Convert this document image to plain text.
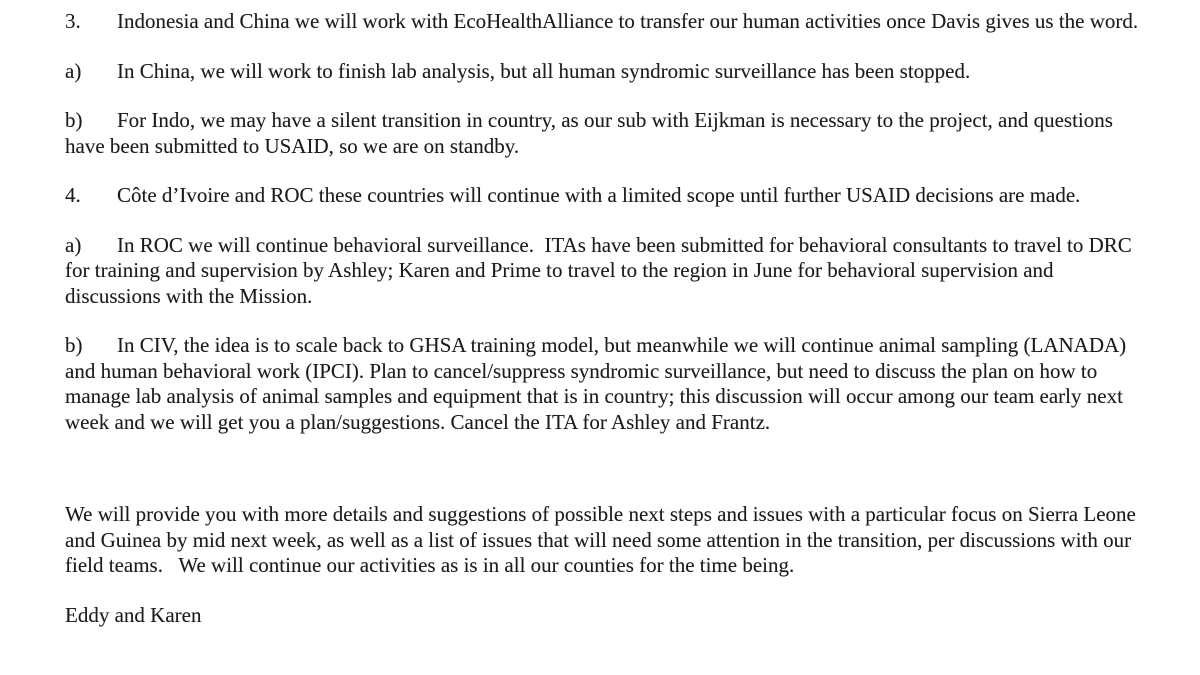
3. Indonesia and China we will work with EcoHealthAlliance to transfer our human activities once Davis gives us the word.

a) In China, we will work to finish lab analysis, but all human syndromic surveillance has been stopped.

b) For Indo, we may have a silent transition in country, as our sub with Eijkman is necessary to the project, and questions have been submitted to USAID, so we are on standby.

4. Côte d’Ivoire and ROC these countries will continue with a limited scope until further USAID decisions are made.

a) In ROC we will continue behavioral surveillance.  ITAs have been submitted for behavioral consultants to travel to DRC for training and supervision by Ashley; Karen and Prime to travel to the region in June for behavioral supervision and discussions with the Mission.

b) In CIV, the idea is to scale back to GHSA training model, but meanwhile we will continue animal sampling (LANADA) and human behavioral work (IPCI). Plan to cancel/suppress syndromic surveillance, but need to discuss the plan on how to manage lab analysis of animal samples and equipment that is in country; this discussion will occur among our team early next week and we will get you a plan/suggestions. Cancel the ITA for Ashley and Frantz.

We will provide you with more details and suggestions of possible next steps and issues with a particular focus on Sierra Leone and Guinea by mid next week, as well as a list of issues that will need some attention in the transition, per discussions with our field teams.   We will continue our activities as is in all our counties for the time being.

Eddy and Karen
